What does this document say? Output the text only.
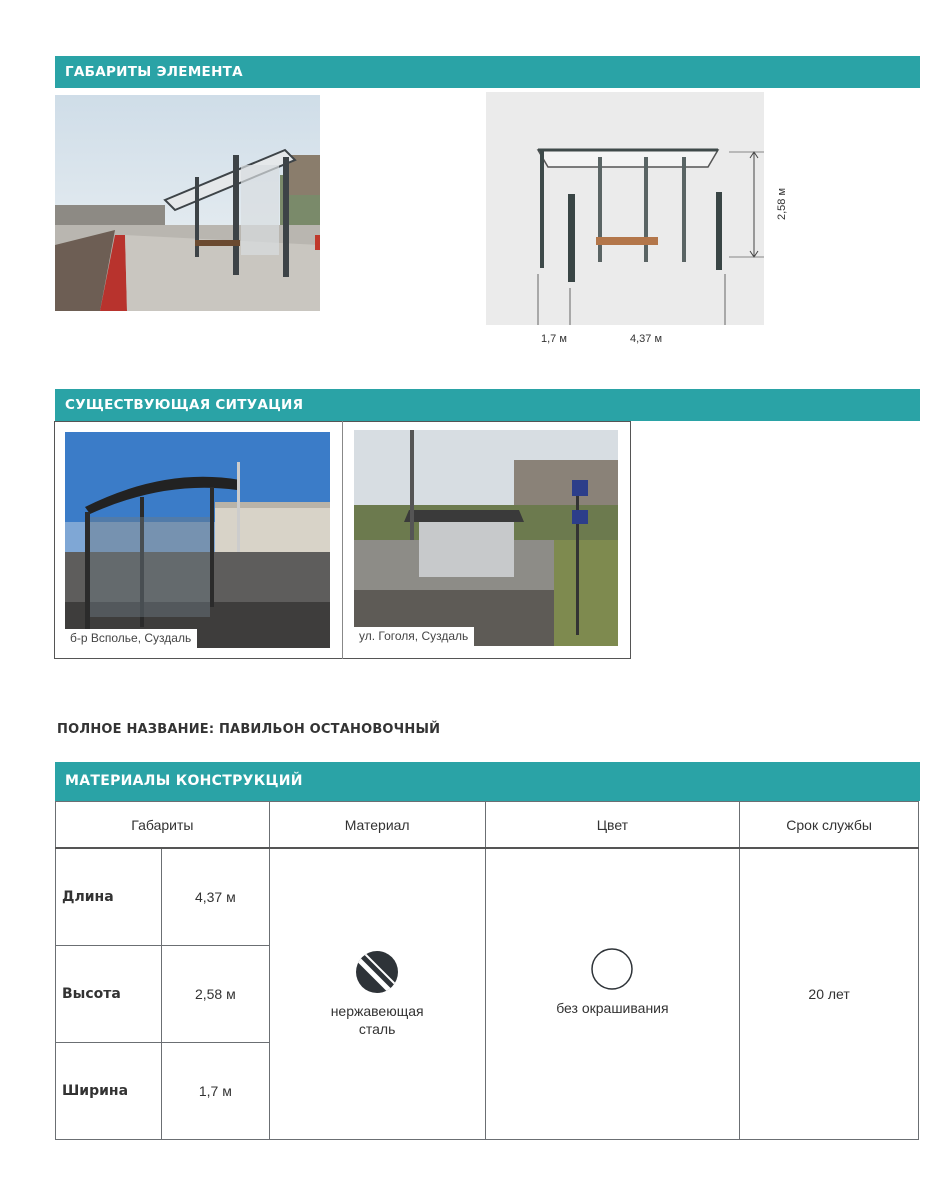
ГАБАРИТЫ ЭЛЕМЕНТА
2,58 м
1,7 м	4,37 м
СУЩЕСТВУЮЩАЯ СИТУАЦИЯ
б-р Всполье, Суздаль	ул. Гоголя, Суздаль
ПОЛНОЕ НАЗВАНИЕ: ПАВИЛЬОН ОСТАНОВОЧНЫЙ
МАТЕРИАЛЫ КОНСТРУКЦИЙ
Габариты		Материал	Цвет	Срок службы
Длина	4,37 м	нержавеющая сталь	без окрашивания	20 лет
Высота	2,58 м			
Ширина	1,7 м			
